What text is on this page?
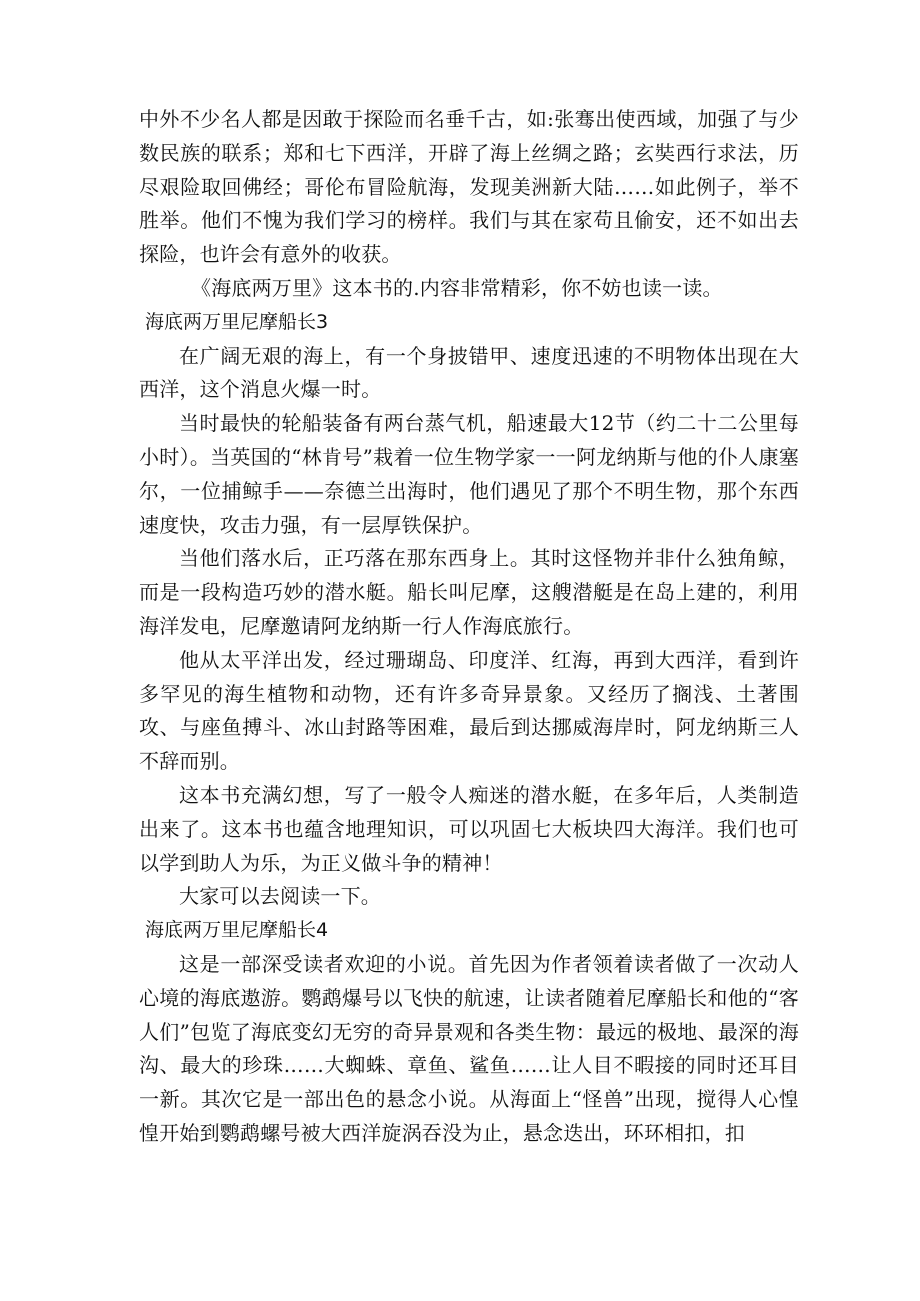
中外不少名人都是因敢于探险而名垂千古，如:张骞出使西域，加强了与少数民族的联系；郑和七下西洋，开辟了海上丝绸之路；玄奘西行求法，历尽艰险取回佛经；哥伦布冒险航海，发现美洲新大陆……如此例子，举不胜举。他们不愧为我们学习的榜样。我们与其在家苟且偷安，还不如出去探险，也许会有意外的收获。

《海底两万里》这本书的.内容非常精彩，你不妨也读一读。

海底两万里尼摩船长3

在广阔无艰的海上，有一个身披错甲、速度迅速的不明物体出现在大西洋，这个消息火爆一时。

当时最快的轮船装备有两台蒸气机，船速最大12节（约二十二公里每小时）。当英国的“林肯号”栽着一位生物学家一一阿龙纳斯与他的仆人康塞尔，一位捕鲸手——奈德兰出海时，他们遇见了那个不明生物，那个东西速度快，攻击力强，有一层厚铁保护。

当他们落水后，正巧落在那东西身上。其时这怪物并非什么独角鲸，而是一段构造巧妙的潜水艇。船长叫尼摩，这艘潜艇是在岛上建的，利用海洋发电，尼摩邀请阿龙纳斯一行人作海底旅行。

他从太平洋出发，经过珊瑚岛、印度洋、红海，再到大西洋，看到许多罕见的海生植物和动物，还有许多奇异景象。又经历了搁浅、土著围攻、与座鱼搏斗、冰山封路等困难，最后到达挪威海岸时，阿龙纳斯三人不辞而别。

这本书充满幻想，写了一般令人痴迷的潜水艇，在多年后，人类制造出来了。这本书也蕴含地理知识，可以巩固七大板块四大海洋。我们也可以学到助人为乐，为正义做斗争的精神！

大家可以去阅读一下。

海底两万里尼摩船长4

这是一部深受读者欢迎的小说。首先因为作者领着读者做了一次动人心境的海底遨游。鹦鹉爆号以飞快的航速，让读者随着尼摩船长和他的“客人们”包览了海底变幻无穷的奇异景观和各类生物：最远的极地、最深的海沟、最大的珍珠……大蜘蛛、章鱼、鲨鱼……让人目不暇接的同时还耳目一新。其次它是一部出色的悬念小说。从海面上“怪兽”出现，搅得人心惶惶开始到鹦鹉螺号被大西洋旋涡吞没为止，悬念迭出，环环相扣，扣
